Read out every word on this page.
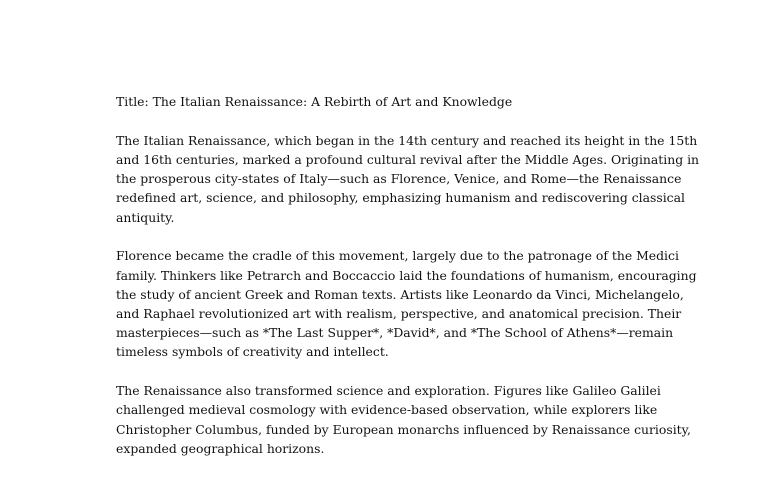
Title: The Italian Renaissance: A Rebirth of Art and Knowledge
The Italian Renaissance, which began in the 14th century and reached its height in the 15th
and 16th centuries, marked a profound cultural revival after the Middle Ages. Originating in
the prosperous city-states of Italy—such as Florence, Venice, and Rome—the Renaissance
redefined art, science, and philosophy, emphasizing humanism and rediscovering classical
antiquity.
Florence became the cradle of this movement, largely due to the patronage of the Medici
family. Thinkers like Petrarch and Boccaccio laid the foundations of humanism, encouraging
the study of ancient Greek and Roman texts. Artists like Leonardo da Vinci, Michelangelo,
and Raphael revolutionized art with realism, perspective, and anatomical precision. Their
masterpieces—such as *The Last Supper*, *David*, and *The School of Athens*—remain
timeless symbols of creativity and intellect.
The Renaissance also transformed science and exploration. Figures like Galileo Galilei
challenged medieval cosmology with evidence-based observation, while explorers like
Christopher Columbus, funded by European monarchs influenced by Renaissance curiosity,
expanded geographical horizons.
